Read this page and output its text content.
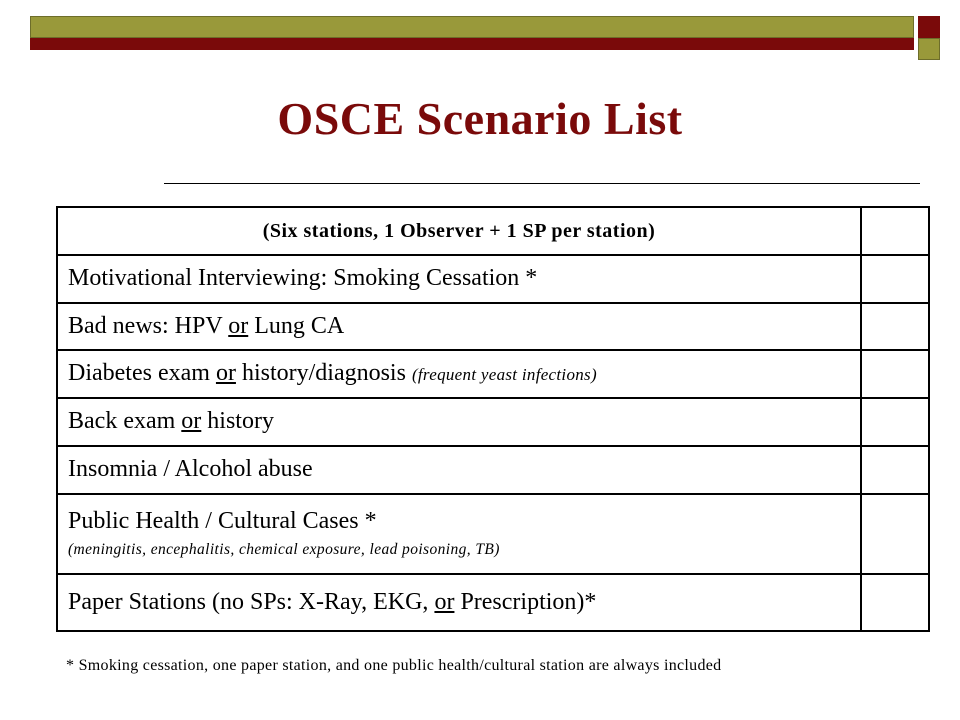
OSCE Scenario List
(Six stations, 1 Observer + 1 SP per station)	
Motivational Interviewing: Smoking Cessation *	
Bad news: HPV or Lung CA	
Diabetes exam or history/diagnosis (frequent yeast infections)	
Back exam or history	
Insomnia / Alcohol abuse	
Public Health / Cultural Cases *
(meningitis, encephalitis, chemical exposure, lead poisoning, TB)	

Paper Stations (no SPs: X-Ray, EKG, or Prescription)*	
* Smoking cessation, one paper station, and one public health/cultural station are always included
